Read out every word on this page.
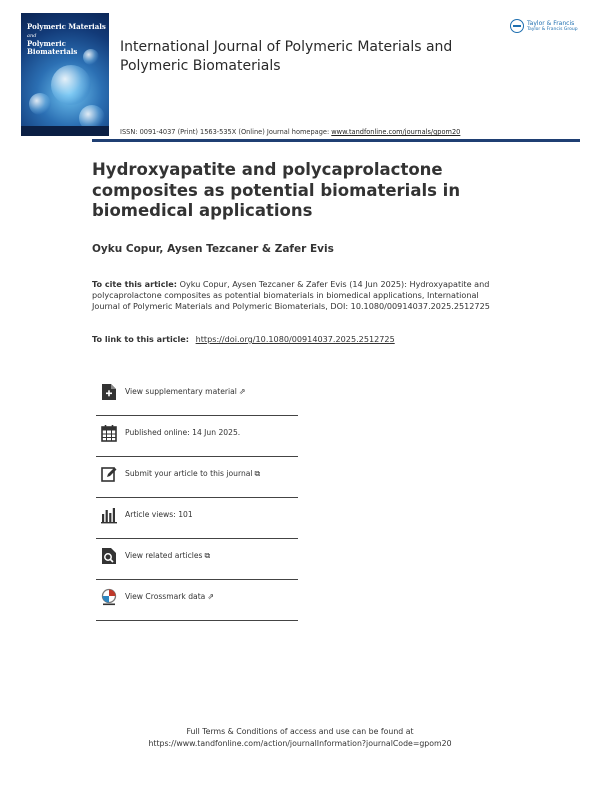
Polymeric Materials
and
Polymeric Biomaterials	International Journal of Polymeric Materials and Polymeric Biomaterials
Taylor & Francis
Taylor & Francis Group
ISSN: 0091-4037 (Print) 1563-535X (Online) Journal homepage: www.tandfonline.com/journals/gpom20
Hydroxyapatite and polycaprolactone composites as potential biomaterials in biomedical applications
Oyku Copur, Aysen Tezcaner & Zafer Evis
To cite this article: Oyku Copur, Aysen Tezcaner & Zafer Evis (14 Jun 2025): Hydroxyapatite and polycaprolactone composites as potential biomaterials in biomedical applications, International Journal of Polymeric Materials and Polymeric Biomaterials, DOI: 10.1080/00914037.2025.2512725
To link to this article: https://doi.org/10.1080/00914037.2025.2512725
View supplementary material ⇗
Published online: 14 Jun 2025.
Submit your article to this journal ⧉
Article views: 101
View related articles ⧉
View Crossmark data ⇗
Full Terms & Conditions of access and use can be found at
https://www.tandfonline.com/action/journalInformation?journalCode=gpom20
